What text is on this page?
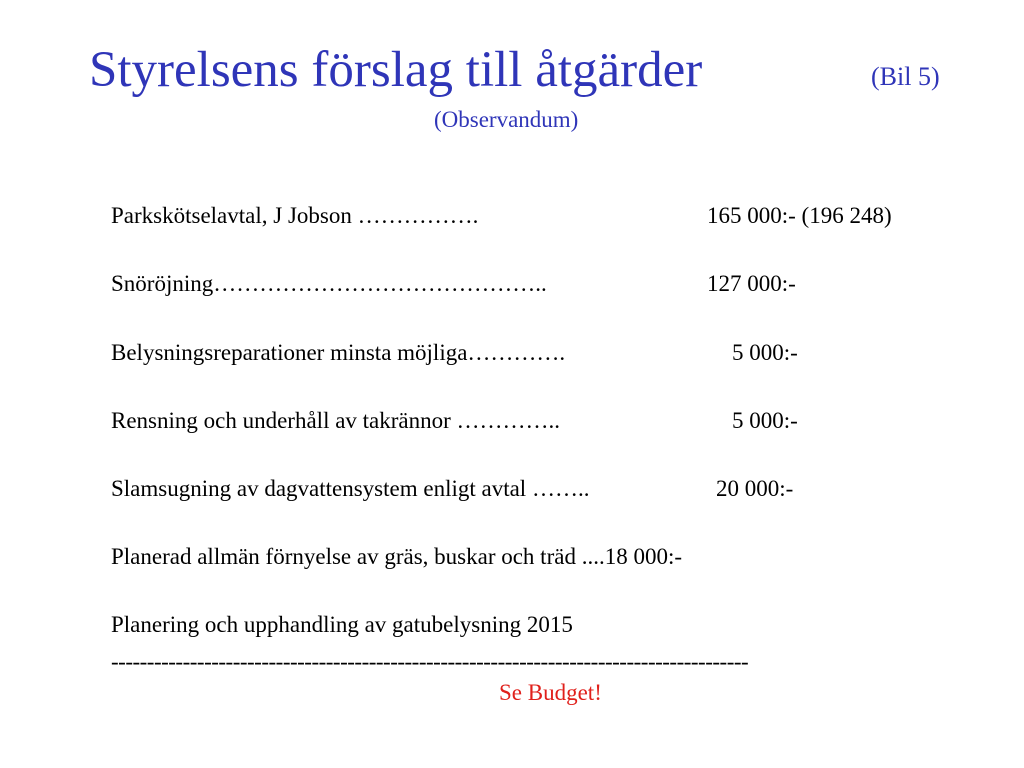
Styrelsens förslag till åtgärder	(Bil 5)
(Observandum)
Parkskötselavtal, J Jobson …………….	165 000:- (196 248)
Snöröjning……………………………………..	127 000:-
Belysningsreparationer minsta möjliga………….	5 000:-
Rensning och underhåll av takrännor …………..	5 000:-
Slamsugning av dagvattensystem enligt avtal ……..	20 000:-
Planerad allmän förnyelse av gräs, buskar och träd ....18 000:-
Planering och upphandling av gatubelysning 2015
-----------------------------------------------------------------------------------------
Se Budget!
